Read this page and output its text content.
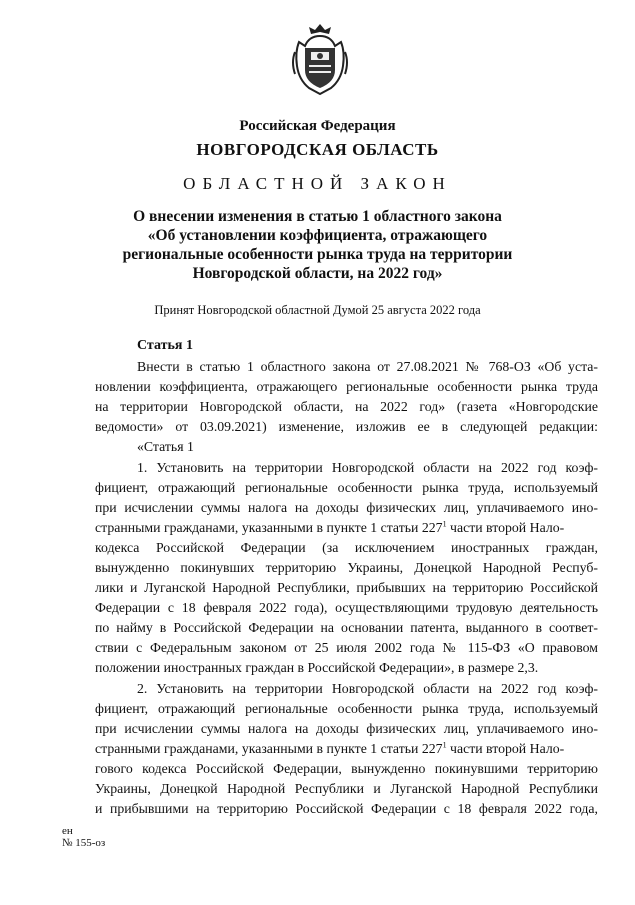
Российская Федерация
НОВГОРОДСКАЯ ОБЛАСТЬ
ОБЛАСТНОЙ ЗАКОН
О внесении изменения в статью 1 областного закона
«Об установлении коэффициента, отражающего
региональные особенности рынка труда на территории
Новгородской области, на 2022 год»
Принят Новгородской областной Думой 25 августа 2022 года
Статья 1
Внести в статью 1 областного закона от 27.08.2021 № 768-ОЗ «Об уста-
новлении коэффициента, отражающего региональные особенности рынка труда
на территории Новгородской области, на 2022 год» (газета «Новгородские
ведомости» от 03.09.2021) изменение, изложив ее в следующей редакции:
«Статья 1
1. Установить на территории Новгородской области на 2022 год коэф-
фициент, отражающий региональные особенности рынка труда, используемый
при исчислении суммы налога на доходы физических лиц, уплачиваемого ино-
странными гражданами, указанными в пункте 1 статьи $227^1$ части второй Нало-
кодекса Российской Федерации (за исключением иностранных граждан,
вынужденно покинувших территорию Украины, Донецкой Народной Респуб-
лики и Луганской Народной Республики, прибывших на территорию Российской
Федерации с 18 февраля 2022 года), осуществляющими трудовую деятельность
по найму в Российской Федерации на основании патента, выданного в соответ-
ствии с Федеральным законом от 25 июля 2002 года № 115-ФЗ «О правовом
положении иностранных граждан в Российской Федерации», в размере 2,3.
2. Установить на территории Новгородской области на 2022 год коэф-
фициент, отражающий региональные особенности рынка труда, используемый
при исчислении суммы налога на доходы физических лиц, уплачиваемого ино-
странными гражданами, указанными в пункте 1 статьи $227^1$ части второй Нало-
гового кодекса Российской Федерации, вынужденно покинувшими территорию
Украины, Донецкой Народной Республики и Луганской Народной Республики
и прибывшими на территорию Российской Федерации с 18 февраля 2022 года,
ен
№ 155-оз
